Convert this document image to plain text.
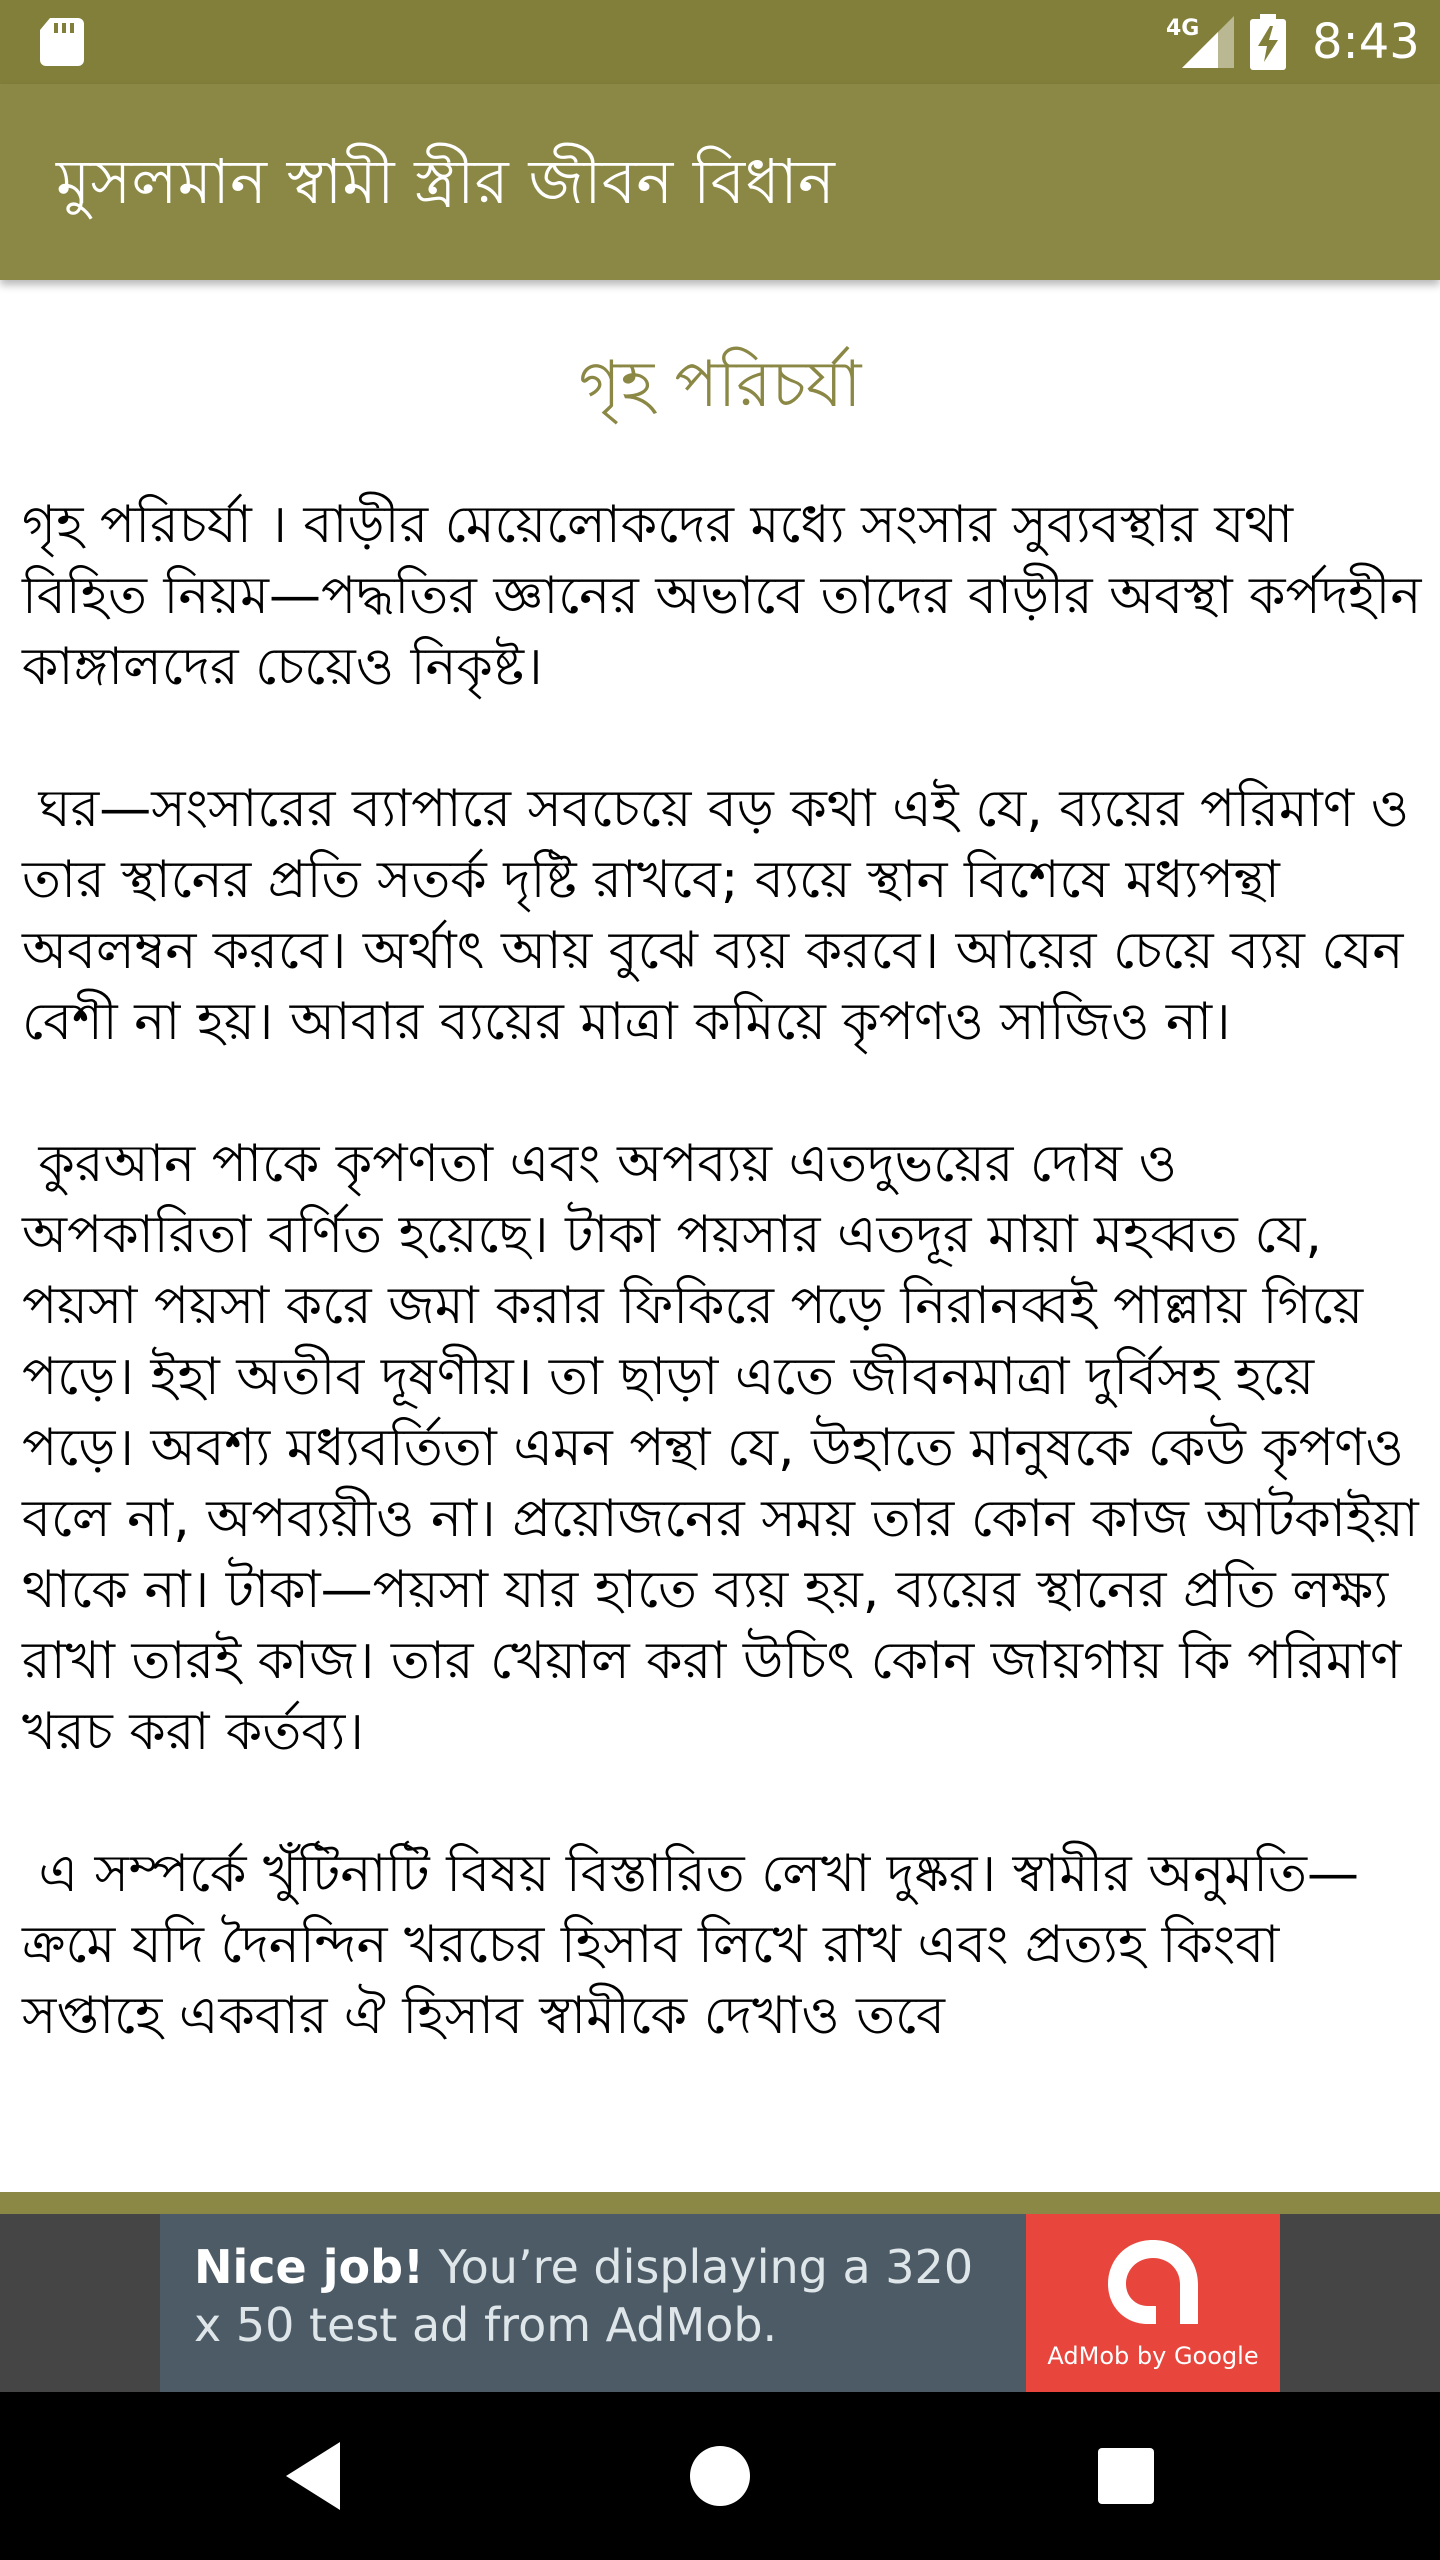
4G 8:43
মুসলমান স্বামী স্ত্রীর জীবন বিধান
গৃহ পরিচর্যা
গৃহ পরিচর্যা । বাড়ীর মেয়েলোকদের মধ্যে সংসার সুব্যবস্থার যথা বিহিত নিয়ম—পদ্ধতির জ্ঞানের অভাবে তাদের বাড়ীর অবস্থা কর্পদহীন কাঙ্গালদের চেয়েও নিকৃষ্ট।

ঘর—সংসারের ব্যাপারে সবচেয়ে বড় কথা এই যে, ব্যয়ের পরিমাণ ও তার স্থানের প্রতি সতর্ক দৃষ্টি রাখবে; ব্যয়ে স্থান বিশেষে মধ্যপন্থা অবলম্বন করবে। অর্থাৎ আয় বুঝে ব্যয় করবে। আয়ের চেয়ে ব্যয় যেন বেশী না হয়। আবার ব্যয়ের মাত্রা কমিয়ে কৃপণও সাজিও না।

কুরআন পাকে কৃপণতা এবং অপব্যয় এতদুভয়ের দোষ ও অপকারিতা বর্ণিত হয়েছে। টাকা পয়সার এতদূর মায়া মহব্বত যে, পয়সা পয়সা করে জমা করার ফিকিরে পড়ে নিরানব্বই পাল্লায় গিয়ে পড়ে। ইহা অতীব দূষণীয়। তা ছাড়া এতে জীবনমাত্রা দুর্বিসহ হয়ে পড়ে। অবশ্য মধ্যবর্তিতা এমন পন্থা যে, উহাতে মানুষকে কেউ কৃপণও বলে না, অপব্যয়ীও না। প্রয়োজনের সময় তার কোন কাজ আটকাইয়া থাকে না। টাকা—পয়সা যার হাতে ব্যয় হয়, ব্যয়ের স্থানের প্রতি লক্ষ্য রাখা তারই কাজ। তার খেয়াল করা উচিৎ কোন জায়গায় কি পরিমাণ খরচ করা কর্তব্য।

এ সম্পর্কে খুঁটিনাটি বিষয় বিস্তারিত লেখা দুষ্কর। স্বামীর অনুমতি—ক্রমে যদি দৈনন্দিন খরচের হিসাব লিখে রাখ এবং প্রত্যহ কিংবা সপ্তাহে একবার ঐ হিসাব স্বামীকে দেখাও তবে
Nice job! You’re displaying a 320 x 50 test ad from AdMob.
AdMob by Google
